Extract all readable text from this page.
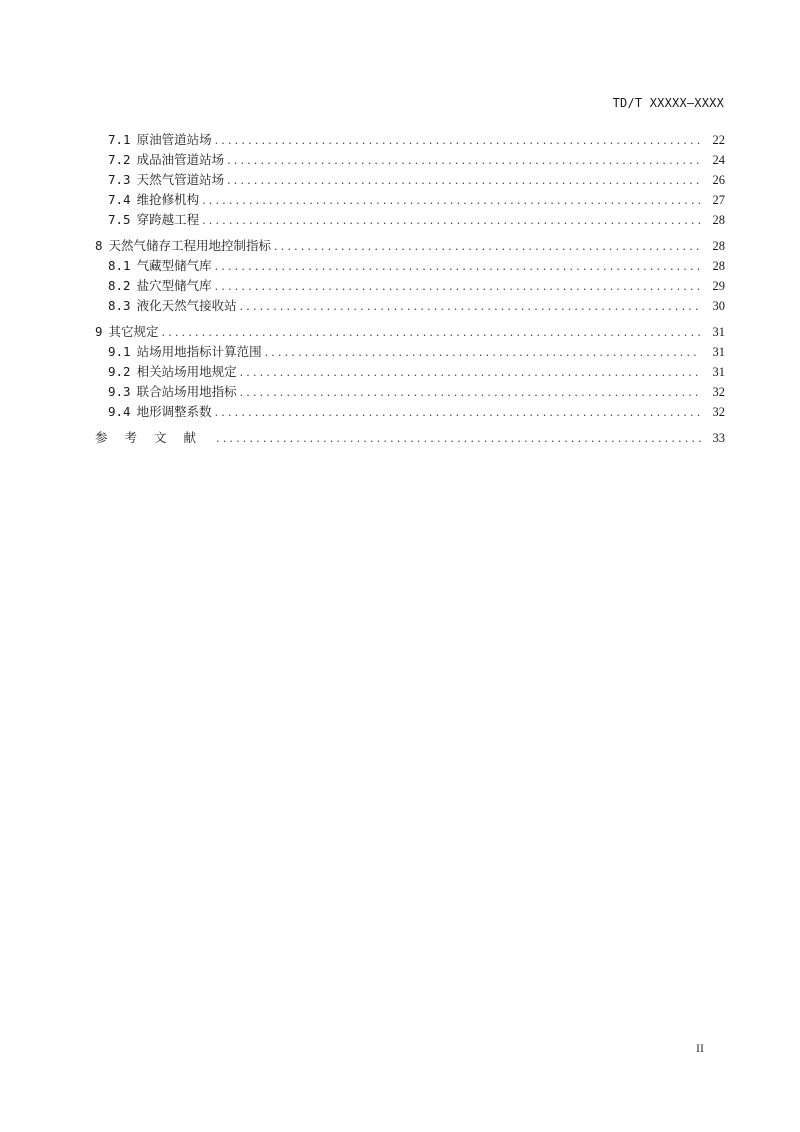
TD/T XXXXX—XXXX
7.1 原油管道站场 .....	22
7.2 成品油管道站场 .....	24
7.3 天然气管道站场 .....	26
7.4 维抢修机构 .....	27
7.5 穿跨越工程 .....	28
8 天然气储存工程用地控制指标 .....	28
8.1 气藏型储气库 .....	28
8.2 盐穴型储气库 .....	29
8.3 液化天然气接收站 .....	30
9 其它规定 .....	31
9.1 站场用地指标计算范围 .....	31
9.2 相关站场用地规定 .....	31
9.3 联合站场用地指标 .....	32
9.4 地形调整系数 .....	32
参考文献 .....	33
II
